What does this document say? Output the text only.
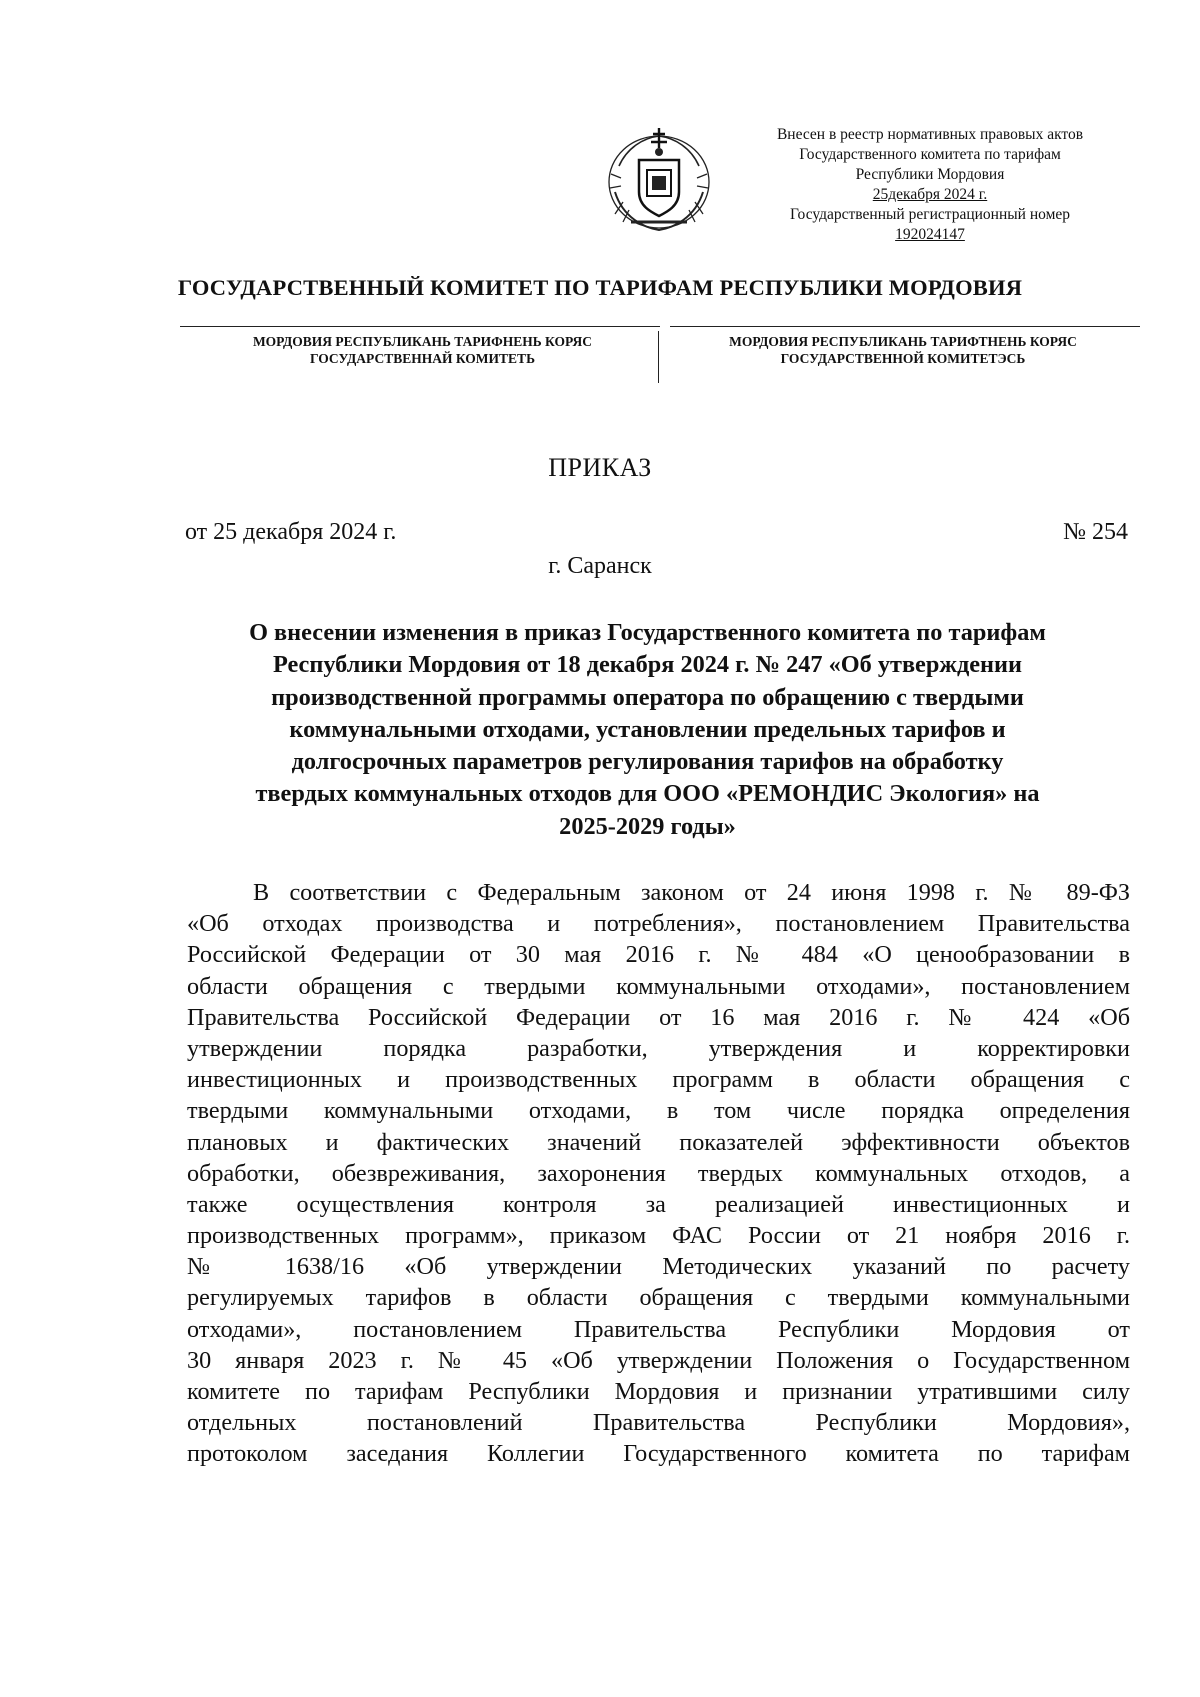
Внесен в реестр нормативных правовых актов
Государственного комитета по тарифам
Республики Мордовия
25декабря 2024 г.
Государственный регистрационный номер
192024147
ГОСУДАРСТВЕННЫЙ КОМИТЕТ ПО ТАРИФАМ РЕСПУБЛИКИ МОРДОВИЯ
МОРДОВИЯ РЕСПУБЛИКАНЬ ТАРИФНЕНЬ КОРЯС
ГОСУДАРСТВЕННАЙ КОМИТЕТЬ
МОРДОВИЯ РЕСПУБЛИКАНЬ ТАРИФТНЕНЬ КОРЯС
ГОСУДАРСТВЕННОЙ КОМИТЕТЭСЬ
ПРИКАЗ
от 25 декабря 2024 г.	№ 254
г. Саранск
О внесении изменения в приказ Государственного комитета по тарифам
Республики Мордовия от 18 декабря 2024 г. № 247 «Об утверждении
производственной программы оператора по обращению с твердыми
коммунальными отходами, установлении предельных тарифов и
долгосрочных параметров регулирования тарифов на обработку
твердых коммунальных отходов для ООО «РЕМОНДИС Экология» на
2025-2029 годы»
В соответствии с Федеральным законом от 24 июня 1998 г. № 89-ФЗ
«Об отходах производства и потребления», постановлением Правительства
Российской Федерации от 30 мая 2016 г. № 484 «О ценообразовании в
области обращения с твердыми коммунальными отходами», постановлением
Правительства Российской Федерации от 16 мая 2016 г. № 424 «Об
утверждении порядка разработки, утверждения и корректировки
инвестиционных и производственных программ в области обращения с
твердыми коммунальными отходами, в том числе порядка определения
плановых и фактических значений показателей эффективности объектов
обработки, обезвреживания, захоронения твердых коммунальных отходов, а
также осуществления контроля за реализацией инвестиционных и
производственных программ», приказом ФАС России от 21 ноября 2016 г.
№ 1638/16 «Об утверждении Методических указаний по расчету
регулируемых тарифов в области обращения с твердыми коммунальными
отходами», постановлением Правительства Республики Мордовия от
30 января 2023 г. № 45 «Об утверждении Положения о Государственном
комитете по тарифам Республики Мордовия и признании утратившими силу
отдельных постановлений Правительства Республики Мордовия»,
протоколом заседания Коллегии Государственного комитета по тарифам
